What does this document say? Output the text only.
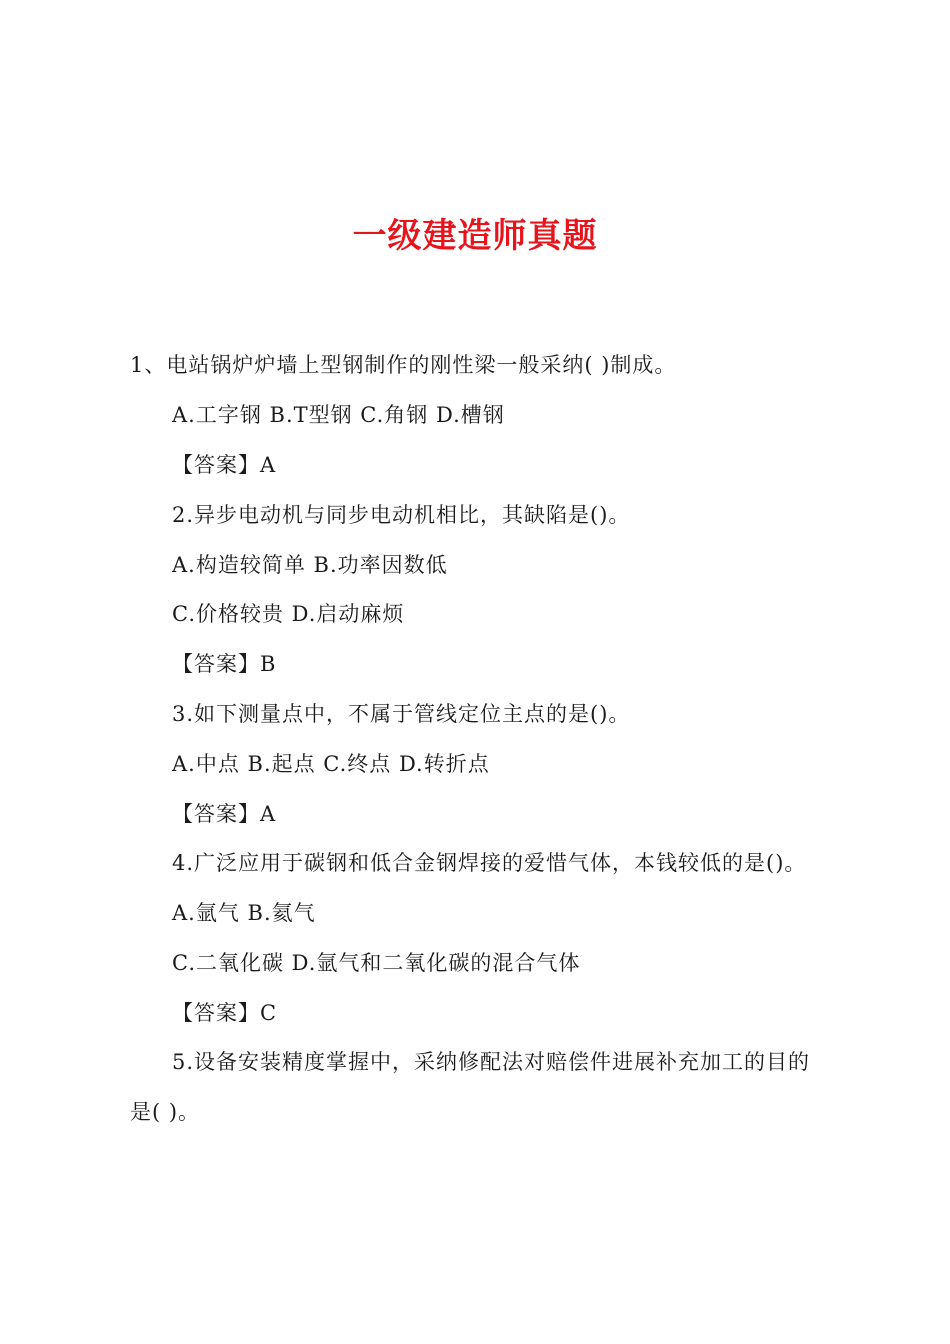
一级建造师真题
1、电站锅炉炉墙上型钢制作的刚性梁一般采纳( )制成。
A.工字钢 B.T型钢 C.角钢 D.槽钢
【答案】A
2.异步电动机与同步电动机相比，其缺陷是()。
A.构造较简单 B.功率因数低
C.价格较贵 D.启动麻烦
【答案】B
3.如下测量点中，不属于管线定位主点的是()。
A.中点 B.起点 C.终点 D.转折点
【答案】A
4.广泛应用于碳钢和低合金钢焊接的爱惜气体，本钱较低的是()。
A.氩气 B.氦气
C.二氧化碳 D.氩气和二氧化碳的混合气体
【答案】C
5.设备安装精度掌握中，采纳修配法对赔偿件进展补充加工的目的
是( )。
